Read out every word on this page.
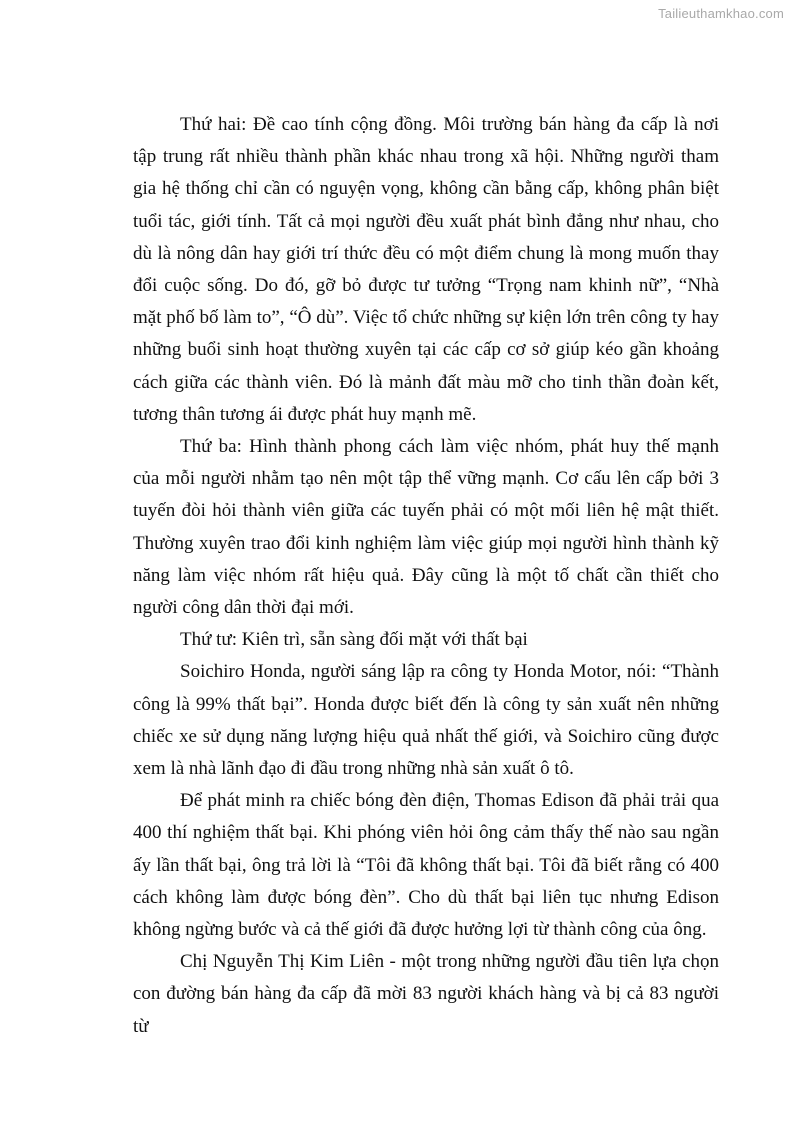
Tailieuthamkhao.com

Thứ hai: Đề cao tính cộng đồng. Môi trường bán hàng đa cấp là nơi tập trung rất nhiều thành phần khác nhau trong xã hội. Những người tham gia hệ thống chỉ cần có nguyện vọng, không cần bằng cấp, không phân biệt tuổi tác, giới tính. Tất cả mọi người đều xuất phát bình đẳng như nhau, cho dù là nông dân hay giới trí thức đều có một điểm chung là mong muốn thay đổi cuộc sống. Do đó, gỡ bỏ được tư tưởng “Trọng nam khinh nữ”, “Nhà mặt phố bố làm to”, “Ô dù”. Việc tổ chức những sự kiện lớn trên công ty hay những buổi sinh hoạt thường xuyên tại các cấp cơ sở giúp kéo gần khoảng cách giữa các thành viên. Đó là mảnh đất màu mỡ cho tinh thần đoàn kết, tương thân tương ái được phát huy mạnh mẽ.

Thứ ba: Hình thành phong cách làm việc nhóm, phát huy thế mạnh của mỗi người nhằm tạo nên một tập thể vững mạnh. Cơ cấu lên cấp bởi 3 tuyến đòi hỏi thành viên giữa các tuyến phải có một mối liên hệ mật thiết. Thường xuyên trao đổi kinh nghiệm làm việc giúp mọi người hình thành kỹ năng làm việc nhóm rất hiệu quả. Đây cũng là một tố chất cần thiết cho người công dân thời đại mới.

Thứ tư: Kiên trì, sẵn sàng đối mặt với thất bại

Soichiro Honda, người sáng lập ra công ty Honda Motor, nói: “Thành công là 99% thất bại”. Honda được biết đến là công ty sản xuất nên những chiếc xe sử dụng năng lượng hiệu quả nhất thế giới, và Soichiro cũng được xem là nhà lãnh đạo đi đầu trong những nhà sản xuất ô tô.

Để phát minh ra chiếc bóng đèn điện, Thomas Edison đã phải trải qua 400 thí nghiệm thất bại. Khi phóng viên hỏi ông cảm thấy thế nào sau ngần ấy lần thất bại, ông trả lời là “Tôi đã không thất bại. Tôi đã biết rằng có 400 cách không làm được bóng đèn”. Cho dù thất bại liên tục nhưng Edison không ngừng bước và cả thế giới đã được hưởng lợi từ thành công của ông.

Chị Nguyễn Thị Kim Liên - một trong những người đầu tiên lựa chọn con đường bán hàng đa cấp đã mời 83 người khách hàng và bị cả 83 người từ
